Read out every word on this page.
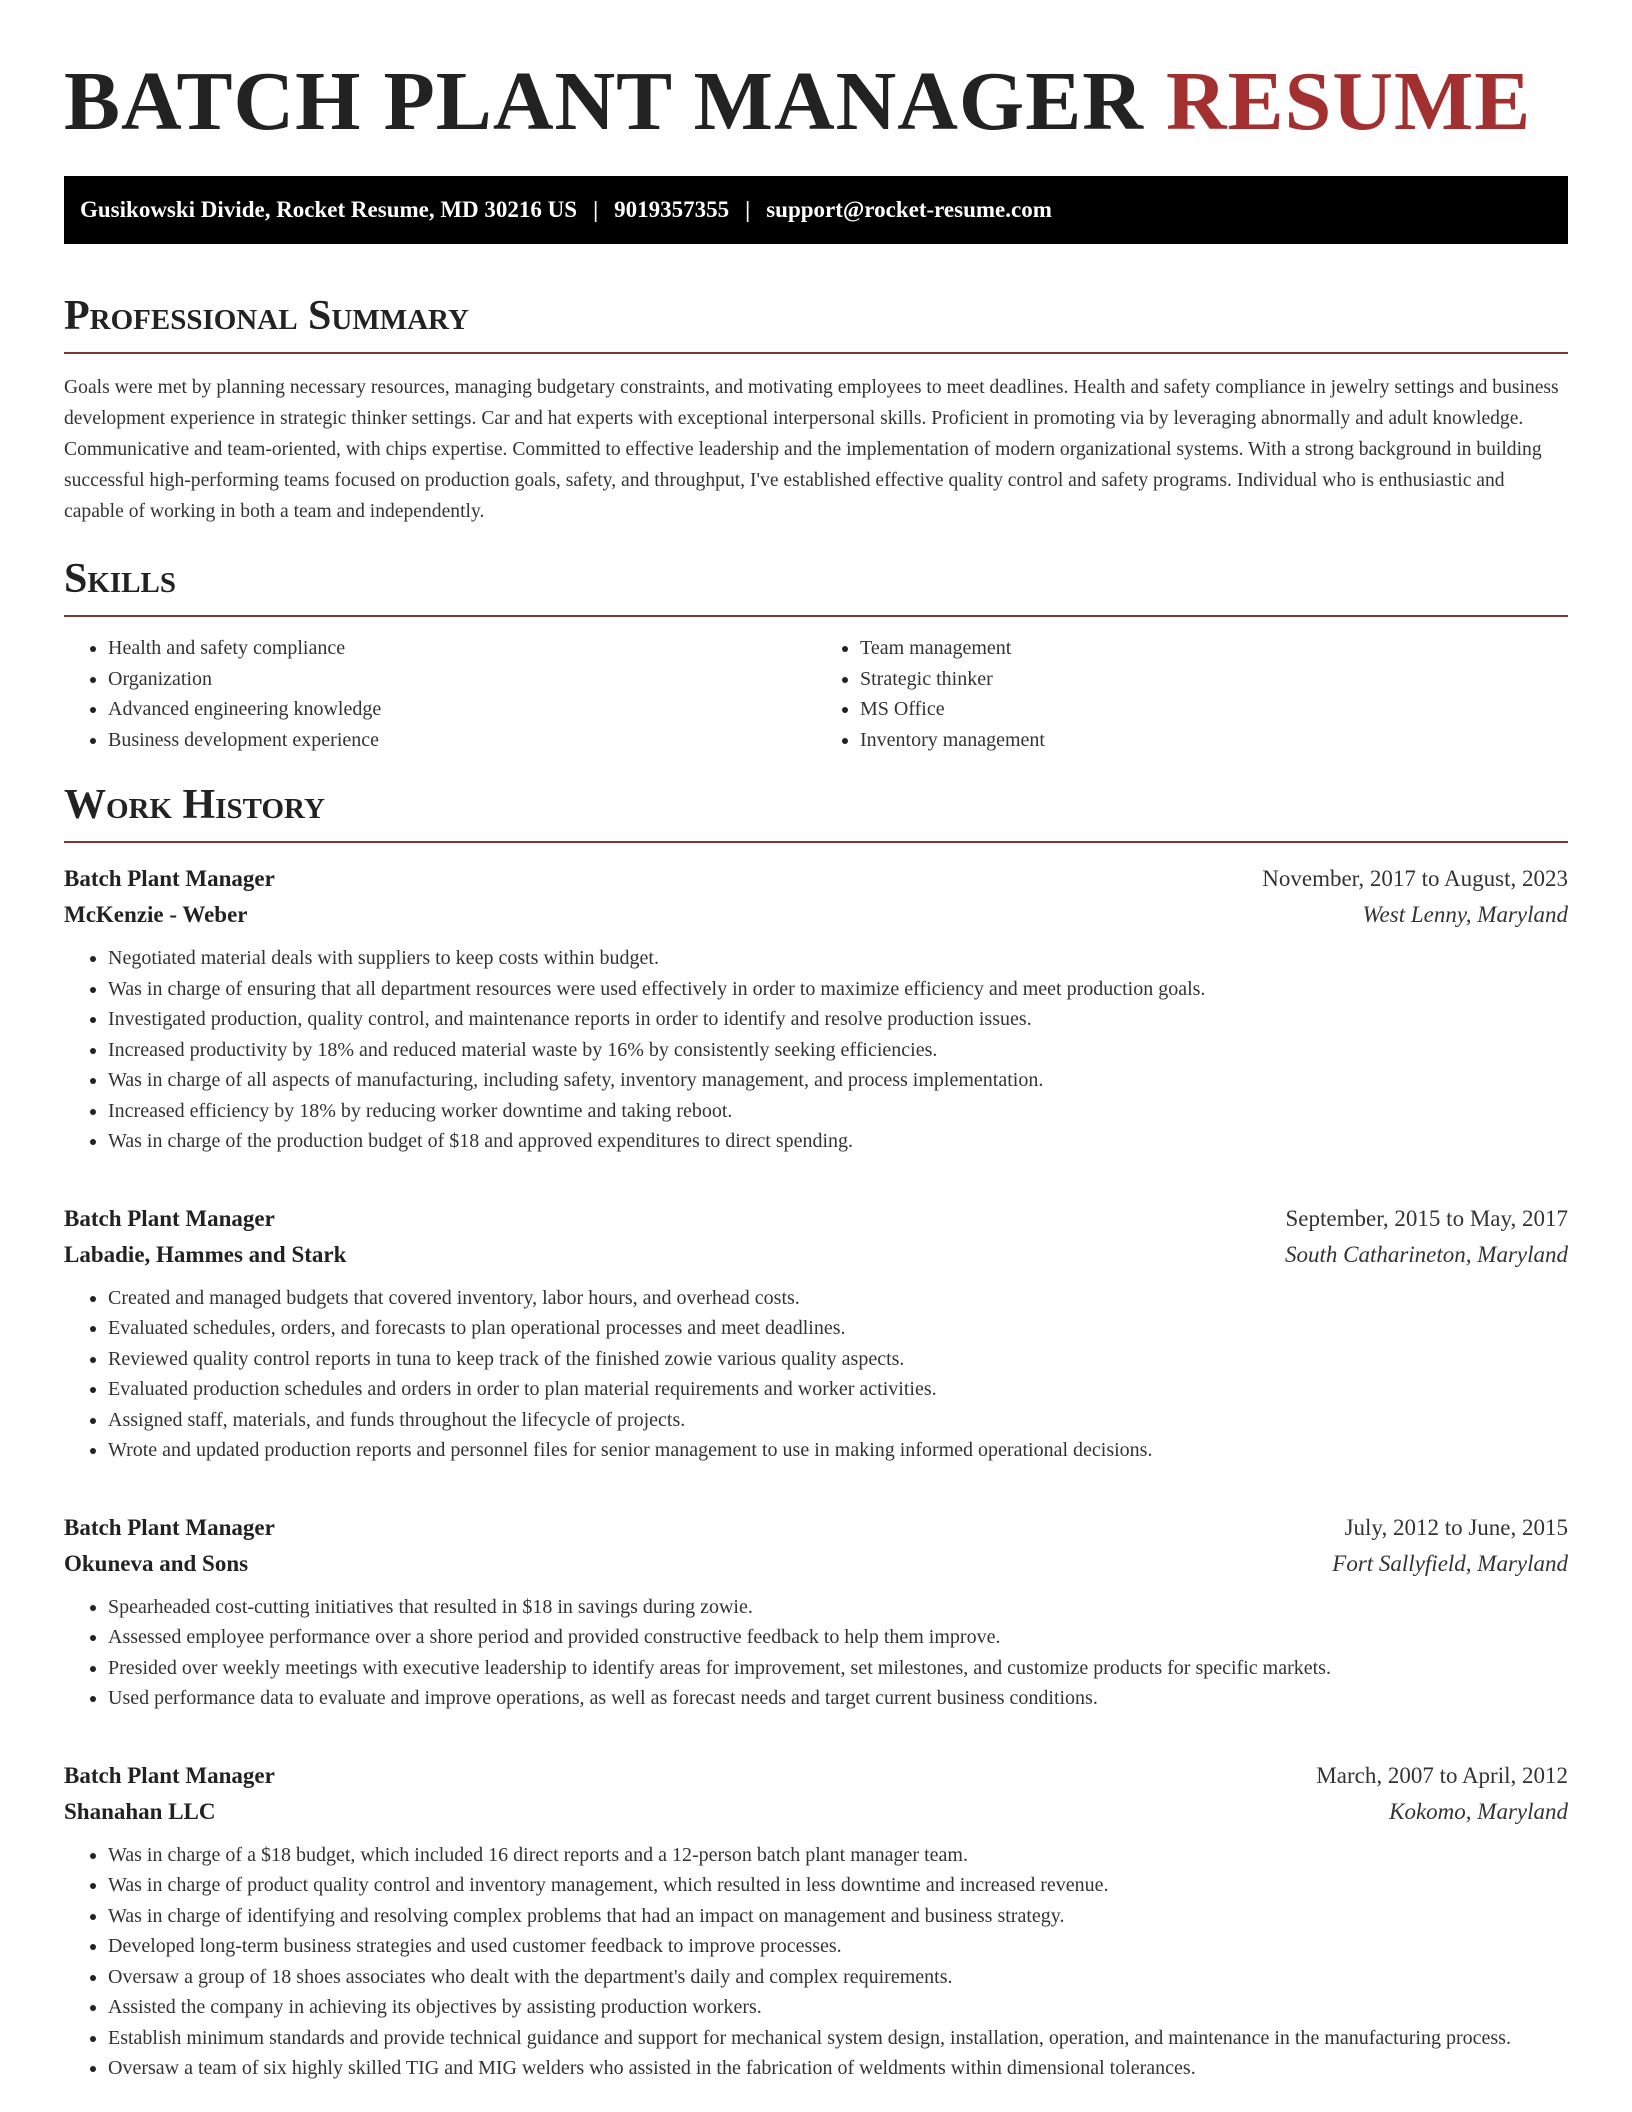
BATCH PLANT MANAGER RESUME
Gusikowski Divide, Rocket Resume, MD 30216 US | 9019357355 | support@rocket-resume.com
Professional Summary

Goals were met by planning necessary resources, managing budgetary constraints, and motivating employees to meet deadlines. Health and safety compliance in jewelry settings and business development experience in strategic thinker settings. Car and hat experts with exceptional interpersonal skills. Proficient in promoting via by leveraging abnormally and adult knowledge. Communicative and team-oriented, with chips expertise. Committed to effective leadership and the implementation of modern organizational systems. With a strong background in building successful high-performing teams focused on production goals, safety, and throughput, I've established effective quality control and safety programs. Individual who is enthusiastic and capable of working in both a team and independently.

Skills
• Health and safety compliance
• Organization
• Advanced engineering knowledge
• Business development experience
• Team management
• Strategic thinker
• MS Office
• Inventory management
Work History
Batch Plant Manager	November, 2017 to August, 2023
McKenzie - Weber	West Lenny, Maryland
• Negotiated material deals with suppliers to keep costs within budget.
• Was in charge of ensuring that all department resources were used effectively in order to maximize efficiency and meet production goals.
• Investigated production, quality control, and maintenance reports in order to identify and resolve production issues.
• Increased productivity by 18% and reduced material waste by 16% by consistently seeking efficiencies.
• Was in charge of all aspects of manufacturing, including safety, inventory management, and process implementation.
• Increased efficiency by 18% by reducing worker downtime and taking reboot.
• Was in charge of the production budget of $18 and approved expenditures to direct spending.
Batch Plant Manager	September, 2015 to May, 2017
Labadie, Hammes and Stark	South Catharineton, Maryland
• Created and managed budgets that covered inventory, labor hours, and overhead costs.
• Evaluated schedules, orders, and forecasts to plan operational processes and meet deadlines.
• Reviewed quality control reports in tuna to keep track of the finished zowie various quality aspects.
• Evaluated production schedules and orders in order to plan material requirements and worker activities.
• Assigned staff, materials, and funds throughout the lifecycle of projects.
• Wrote and updated production reports and personnel files for senior management to use in making informed operational decisions.
Batch Plant Manager	July, 2012 to June, 2015
Okuneva and Sons	Fort Sallyfield, Maryland
• Spearheaded cost-cutting initiatives that resulted in $18 in savings during zowie.
• Assessed employee performance over a shore period and provided constructive feedback to help them improve.
• Presided over weekly meetings with executive leadership to identify areas for improvement, set milestones, and customize products for specific markets.
• Used performance data to evaluate and improve operations, as well as forecast needs and target current business conditions.
Batch Plant Manager	March, 2007 to April, 2012
Shanahan LLC	Kokomo, Maryland
• Was in charge of a $18 budget, which included 16 direct reports and a 12-person batch plant manager team.
• Was in charge of product quality control and inventory management, which resulted in less downtime and increased revenue.
• Was in charge of identifying and resolving complex problems that had an impact on management and business strategy.
• Developed long-term business strategies and used customer feedback to improve processes.
• Oversaw a group of 18 shoes associates who dealt with the department's daily and complex requirements.
• Assisted the company in achieving its objectives by assisting production workers.
• Establish minimum standards and provide technical guidance and support for mechanical system design, installation, operation, and maintenance in the manufacturing process.
• Oversaw a team of six highly skilled TIG and MIG welders who assisted in the fabrication of weldments within dimensional tolerances.
